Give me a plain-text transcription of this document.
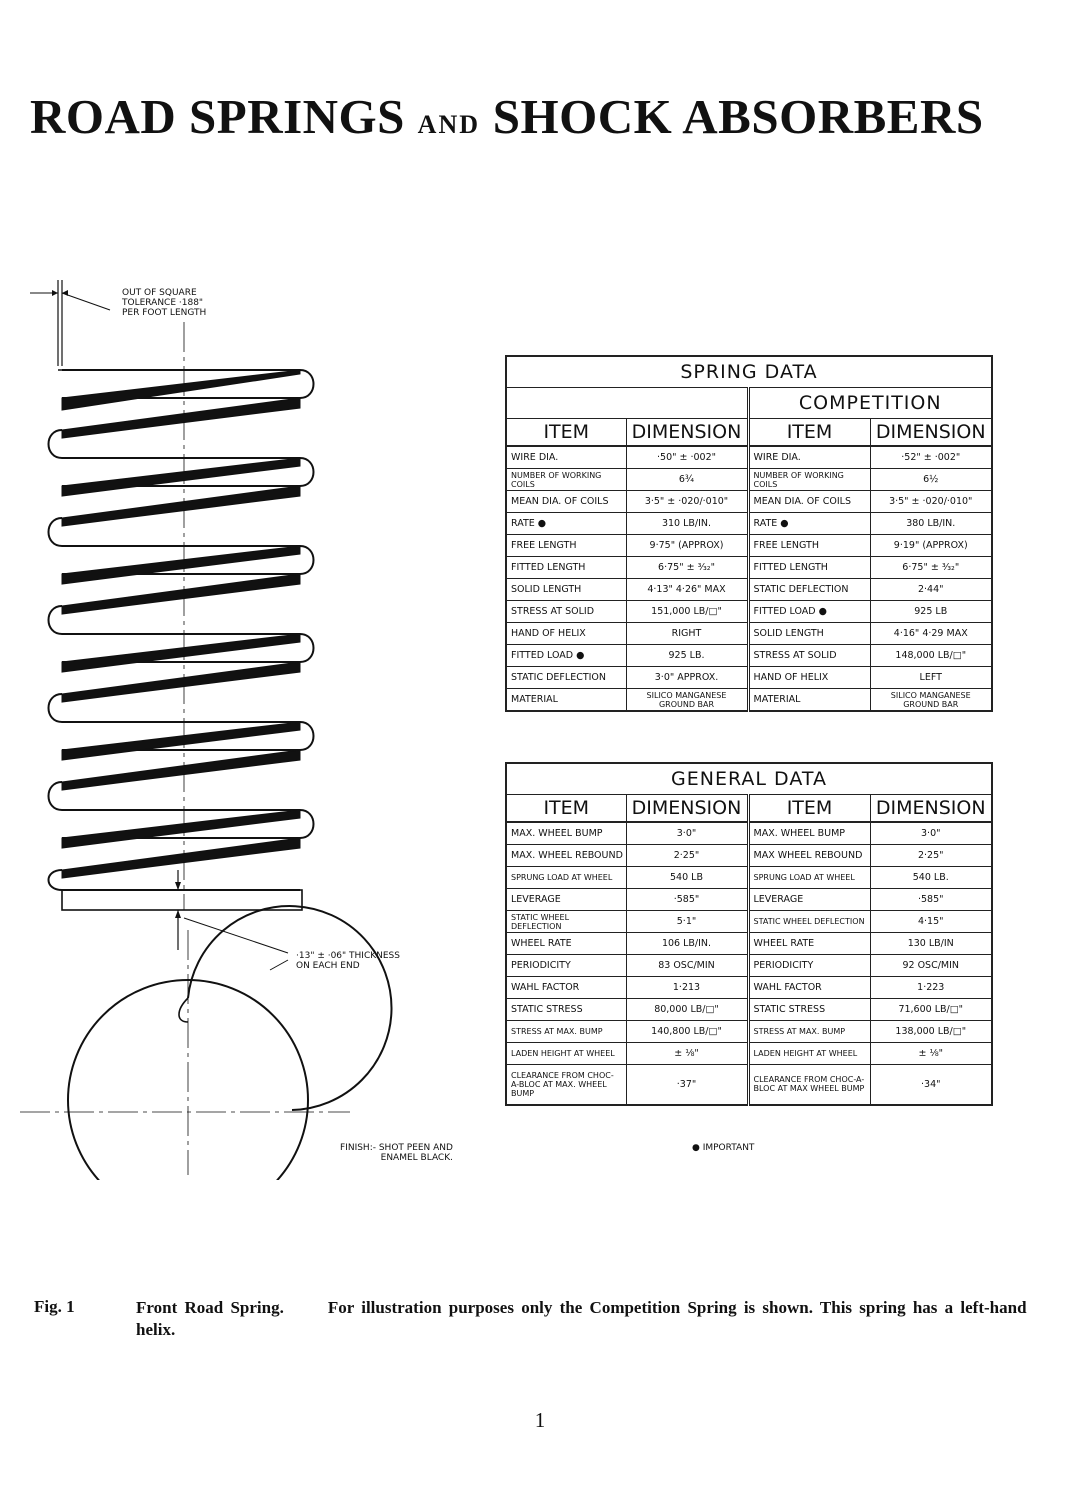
ROAD SPRINGS AND SHOCK ABSORBERS

OUT OF SQUARE
TOLERANCE ·188"
PER FOOT LENGTH

·13" ± ·06" THICKNESS
ON EACH END

FINISH:- SHOT PEEN AND
ENAMEL BLACK.

SPRING DATA			
		COMPETITION	
ITEM	DIMENSION	ITEM	DIMENSION
WIRE DIA.	·50" ± ·002"	WIRE DIA.	·52" ± ·002"
NUMBER OF WORKING COILS	6¾	NUMBER OF WORKING COILS	6½
MEAN DIA. OF COILS	3·5" ± ·020/·010"	MEAN DIA. OF COILS	3·5" ± ·020/·010"
RATE ●	310 LB/IN.	RATE ●	380 LB/IN.
FREE LENGTH	9·75" (APPROX)	FREE LENGTH	9·19" (APPROX)
FITTED LENGTH	6·75" ± ³⁄₃₂"	FITTED LENGTH	6·75" ± ³⁄₃₂"
SOLID LENGTH	4·13" 4·26" MAX	STATIC DEFLECTION	2·44"
STRESS AT SOLID	151,000 LB/□"	FITTED LOAD ●	925 LB
HAND OF HELIX	RIGHT	SOLID LENGTH	4·16" 4·29 MAX
FITTED LOAD ●	925 LB.	STRESS AT SOLID	148,000 LB/□"
STATIC DEFLECTION	3·0" APPROX.	HAND OF HELIX	LEFT
MATERIAL	SILICO MANGANESE GROUND BAR	MATERIAL	SILICO MANGANESE GROUND BAR
GENERAL DATA			
ITEM	DIMENSION	ITEM	DIMENSION
MAX. WHEEL BUMP	3·0"	MAX. WHEEL BUMP	3·0"
MAX. WHEEL REBOUND	2·25"	MAX WHEEL REBOUND	2·25"
SPRUNG LOAD AT WHEEL	540 LB	SPRUNG LOAD AT WHEEL	540 LB.
LEVERAGE	·585"	LEVERAGE	·585"
STATIC WHEEL DEFLECTION	5·1"	STATIC WHEEL DEFLECTION	4·15"
WHEEL RATE	106 LB/IN.	WHEEL RATE	130 LB/IN
PERIODICITY	83 OSC/MIN	PERIODICITY	92 OSC/MIN
WAHL FACTOR	1·213	WAHL FACTOR	1·223
STATIC STRESS	80,000 LB/□"	STATIC STRESS	71,600 LB/□"
STRESS AT MAX. BUMP	140,800 LB/□"	STRESS AT MAX. BUMP	138,000 LB/□"
LADEN HEIGHT AT WHEEL	± ⅛"	LADEN HEIGHT AT WHEEL	± ⅛"
CLEARANCE FROM CHOC-A-BLOC AT MAX. WHEEL BUMP	·37"	CLEARANCE FROM CHOC-A-BLOC AT MAX WHEEL BUMP	·34"

● IMPORTANT

Fig. 1	Front Road Spring.	For illustration purposes only the Competition Spring is shown. This spring has a left-hand helix.

1
